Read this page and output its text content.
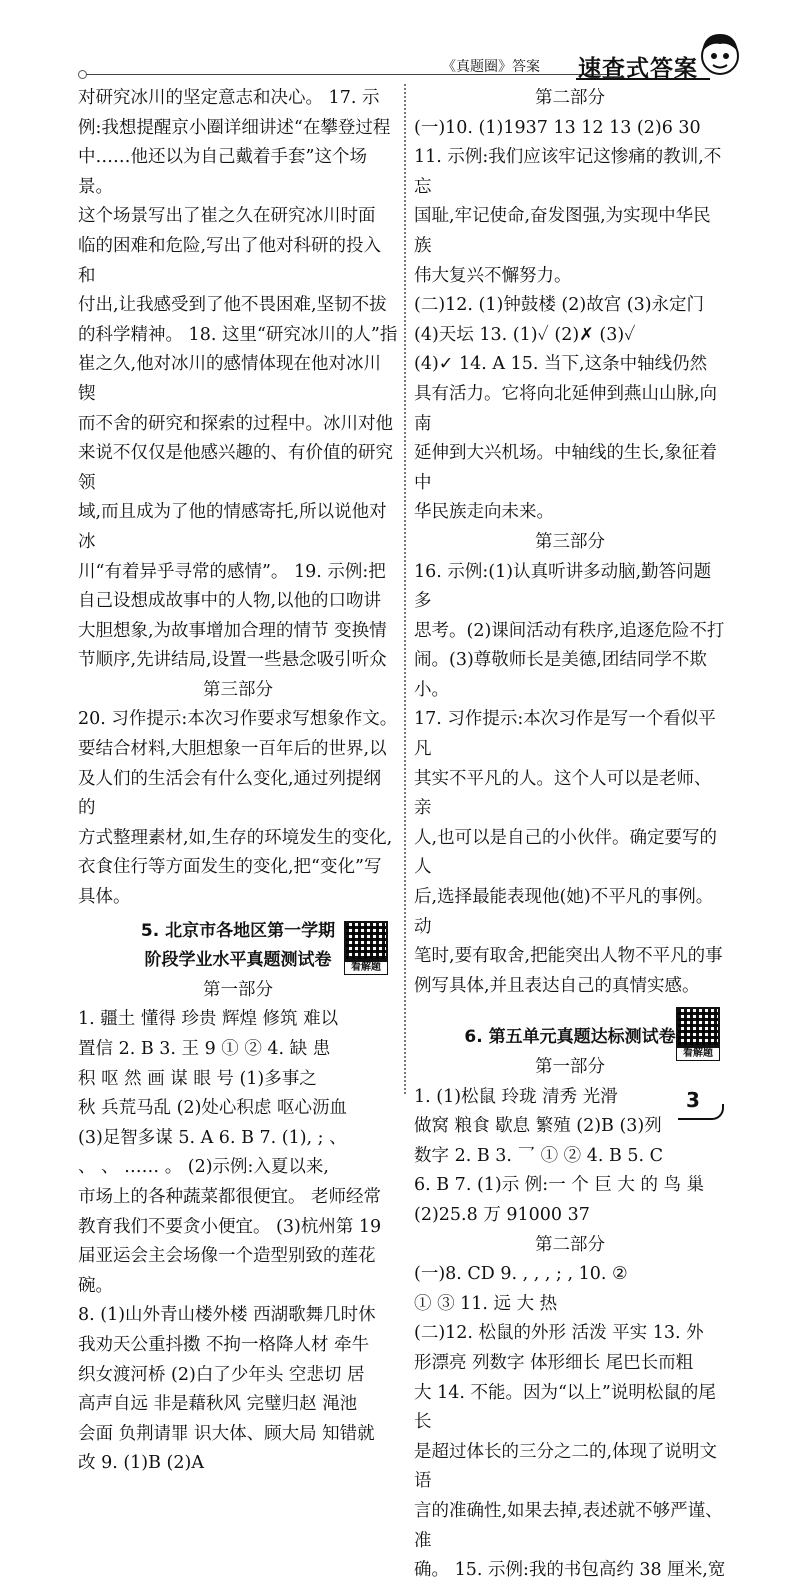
《真题圈》答案 速查式答案

对研究冰川的坚定意志和决心。 17. 示

例:我想提醒京小圈详细讲述“在攀登过程

中……他还以为自己戴着手套”这个场景。

这个场景写出了崔之久在研究冰川时面

临的困难和危险,写出了他对科研的投入和

付出,让我感受到了他不畏困难,坚韧不拔

的科学精神。 18. 这里“研究冰川的人”指

崔之久,他对冰川的感情体现在他对冰川锲

而不舍的研究和探索的过程中。冰川对他

来说不仅仅是他感兴趣的、有价值的研究领

域,而且成为了他的情感寄托,所以说他对冰

川“有着异乎寻常的感情”。 19. 示例:把

自己设想成故事中的人物,以他的口吻讲

大胆想象,为故事增加合理的情节 变换情

节顺序,先讲结局,设置一些悬念吸引听众

第三部分

20. 习作提示:本次习作要求写想象作文。

要结合材料,大胆想象一百年后的世界,以

及人们的生活会有什么变化,通过列提纲的

方式整理素材,如,生存的环境发生的变化,

衣食住行等方面发生的变化,把“变化”写

具体。

5. 北京市各地区第一学期

阶段学业水平真题测试卷	看解题

第一部分

1. 疆土 懂得 珍贵 辉煌 修筑 难以

置信 2. B 3. 王 9 ① ② 4. 缺 患

积 呕 然 画 谋 眼 号 (1)多事之

秋 兵荒马乱 (2)处心积虑 呕心沥血

(3)足智多谋 5. A 6. B 7. (1), ; 、

、 、 …… 。 (2)示例:入夏以来,

市场上的各种蔬菜都很便宜。 老师经常

教育我们不要贪小便宜。 (3)杭州第 19

届亚运会主会场像一个造型别致的莲花碗。

8. (1)山外青山楼外楼 西湖歌舞几时休

我劝天公重抖擞 不拘一格降人材 牵牛

织女渡河桥 (2)白了少年头 空悲切 居

高声自远 非是藉秋风 完璧归赵 渑池

会面 负荆请罪 识大体、顾大局 知错就

改 9. (1)B (2)A

第二部分

(一)10. (1)1937 13 12 13 (2)6 30

11. 示例:我们应该牢记这惨痛的教训,不忘

国耻,牢记使命,奋发图强,为实现中华民族

伟大复兴不懈努力。

(二)12. (1)钟鼓楼 (2)故宫 (3)永定门

(4)天坛 13. (1)✓ (2)✗ (3)✓

(4)✓ 14. A 15. 当下,这条中轴线仍然

具有活力。它将向北延伸到燕山山脉,向南

延伸到大兴机场。中轴线的生长,象征着中

华民族走向未来。

第三部分

16. 示例:(1)认真听讲多动脑,勤答问题多

思考。(2)课间活动有秩序,追逐危险不打

闹。(3)尊敬师长是美德,团结同学不欺小。

17. 习作提示:本次习作是写一个看似平凡

其实不平凡的人。这个人可以是老师、亲

人,也可以是自己的小伙伴。确定要写的人

后,选择最能表现他(她)不平凡的事例。动

笔时,要有取舍,把能突出人物不平凡的事

例写具体,并且表达自己的真情实感。

6. 第五单元真题达标测试卷

看解题

第一部分

1. (1)松鼠 玲珑 清秀 光滑

做窝 粮食 歇息 繁殖 (2)B (3)列

数字 2. B 3. 乛 ① ② 4. B 5. C

6. B 7. (1)示 例:一 个 巨 大 的 鸟 巢

(2)25.8 万 91000 37

第二部分

(一)8. CD 9. , , , ; , 10. ②

① ③ 11. 远 大 热

(二)12. 松鼠的外形 活泼 平实 13. 外

形漂亮 列数字 体形细长 尾巴长而粗

大 14. 不能。因为“以上”说明松鼠的尾长

是超过体长的三分之二的,体现了说明文语

言的准确性,如果去掉,表述就不够严谨、准

确。 15. 示例:我的书包高约 38 厘米,宽

3
